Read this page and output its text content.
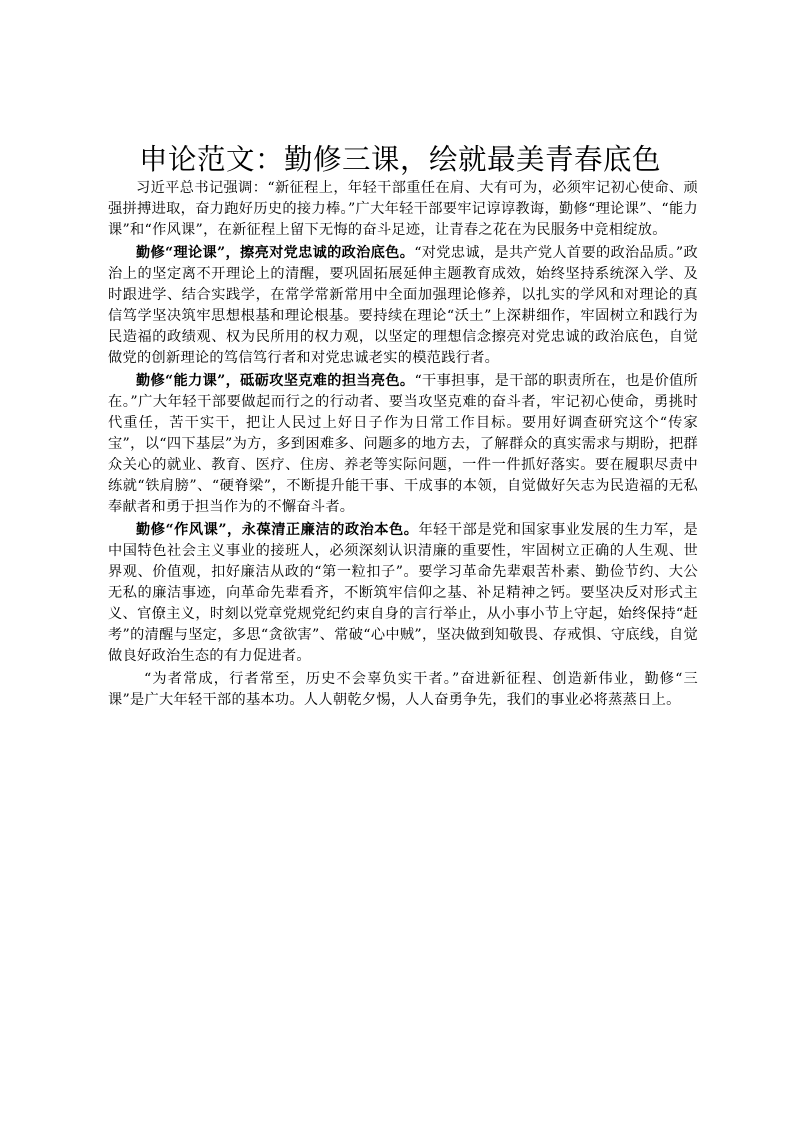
申论范文：勤修三课，绘就最美青春底色

习近平总书记强调：“新征程上，年轻干部重任在肩、大有可为，必须牢记初心使命、顽强拼搏进取，奋力跑好历史的接力棒。”广大年轻干部要牢记谆谆教诲，勤修“理论课”、“能力课”和“作风课”，在新征程上留下无悔的奋斗足迹，让青春之花在为民服务中竞相绽放。

勤修“理论课”，擦亮对党忠诚的政治底色。“对党忠诚，是共产党人首要的政治品质。”政治上的坚定离不开理论上的清醒，要巩固拓展延伸主题教育成效，始终坚持系统深入学、及时跟进学、结合实践学，在常学常新常用中全面加强理论修养，以扎实的学风和对理论的真信笃学坚决筑牢思想根基和理论根基。要持续在理论“沃土”上深耕细作，牢固树立和践行为民造福的政绩观、权为民所用的权力观，以坚定的理想信念擦亮对党忠诚的政治底色，自觉做党的创新理论的笃信笃行者和对党忠诚老实的模范践行者。

勤修“能力课”，砥砺攻坚克难的担当亮色。“干事担事，是干部的职责所在，也是价值所在。”广大年轻干部要做起而行之的行动者、要当攻坚克难的奋斗者，牢记初心使命，勇挑时代重任，苦干实干，把让人民过上好日子作为日常工作目标。要用好调查研究这个“传家宝”，以“四下基层”为方，多到困难多、问题多的地方去，了解群众的真实需求与期盼，把群众关心的就业、教育、医疗、住房、养老等实际问题，一件一件抓好落实。要在履职尽责中练就“铁肩膀”、“硬脊梁”，不断提升能干事、干成事的本领，自觉做好矢志为民造福的无私奉献者和勇于担当作为的不懈奋斗者。

勤修“作风课”，永葆清正廉洁的政治本色。年轻干部是党和国家事业发展的生力军，是中国特色社会主义事业的接班人，必须深刻认识清廉的重要性，牢固树立正确的人生观、世界观、价值观，扣好廉洁从政的“第一粒扣子”。要学习革命先辈艰苦朴素、勤俭节约、大公无私的廉洁事迹，向革命先辈看齐，不断筑牢信仰之基、补足精神之钙。要坚决反对形式主义、官僚主义，时刻以党章党规党纪约束自身的言行举止，从小事小节上守起，始终保持“赶考”的清醒与坚定，多思“贪欲害”、常破“心中贼”，坚决做到知敬畏、存戒惧、守底线，自觉做良好政治生态的有力促进者。

“为者常成，行者常至，历史不会辜负实干者。”奋进新征程、创造新伟业，勤修“三课”是广大年轻干部的基本功。人人朝乾夕惕，人人奋勇争先，我们的事业必将蒸蒸日上。
